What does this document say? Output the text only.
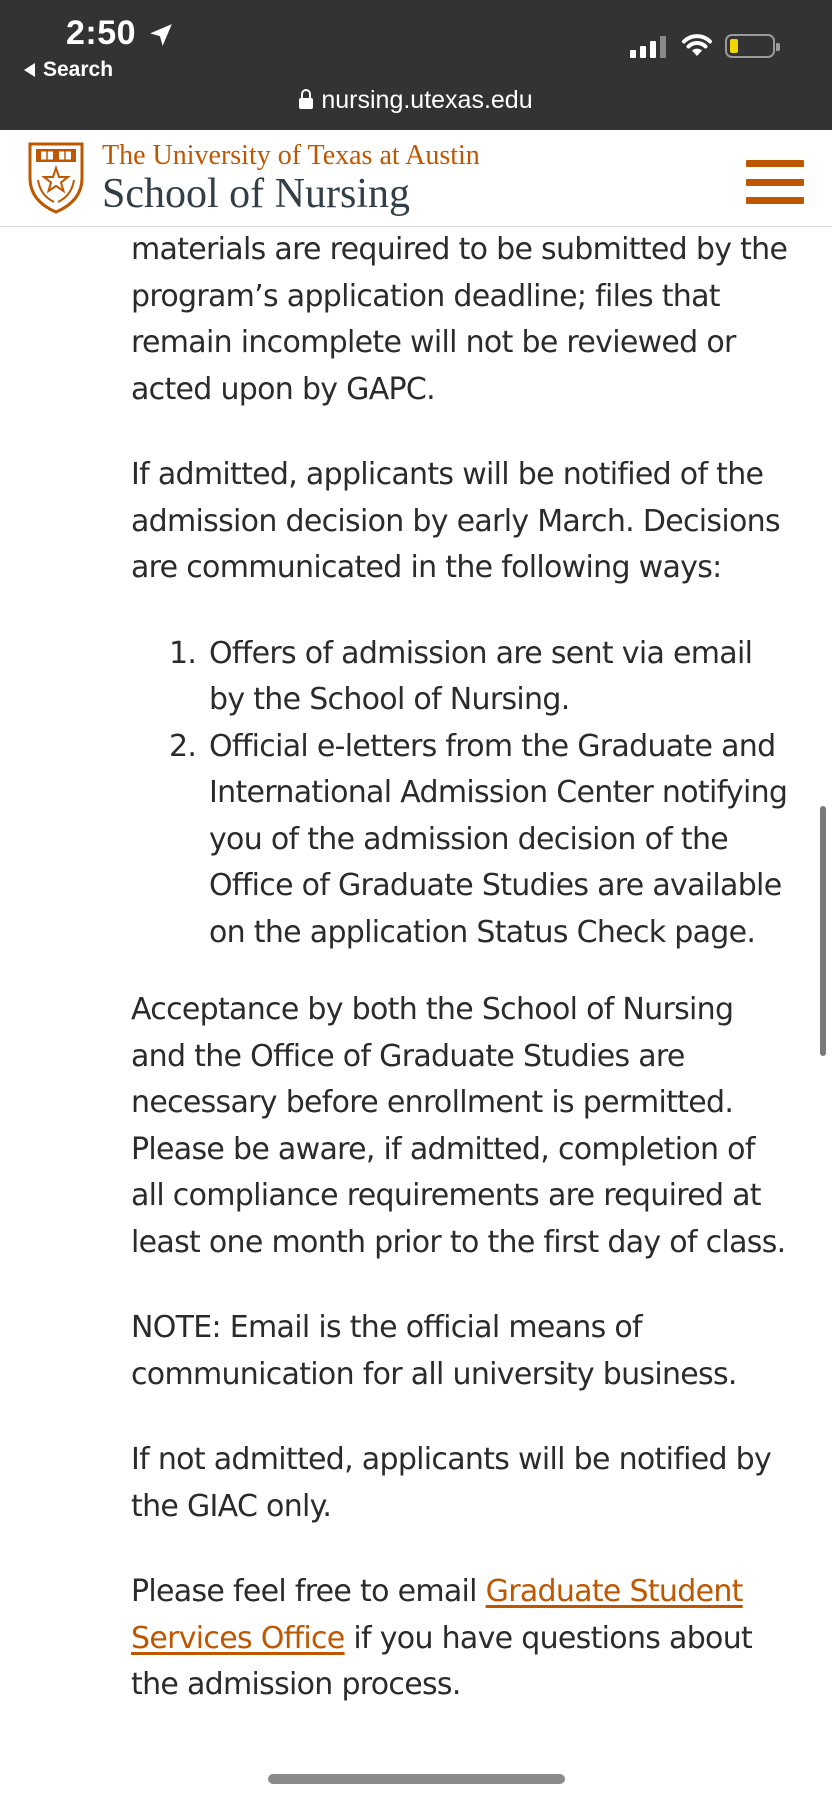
2:50
Search
nursing.utexas.edu
The University of Texas at Austin
School of Nursing

materials are required to be submitted by the program’s application deadline; files that remain incomplete will not be reviewed or acted upon by GAPC.

If admitted, applicants will be notified of the admission decision by early March. Decisions are communicated in the following ways:

1. Offers of admission are sent via email by the School of Nursing.
2. Official e-letters from the Graduate and International Admission Center notifying you of the admission decision of the Office of Graduate Studies are available on the application Status Check page.

Acceptance by both the School of Nursing and the Office of Graduate Studies are necessary before enrollment is permitted. Please be aware, if admitted, completion of all compliance requirements are required at least one month prior to the first day of class.

NOTE: Email is the official means of communication for all university business.

If not admitted, applicants will be notified by the GIAC only.

Please feel free to email Graduate Student Services Office if you have questions about the admission process.
